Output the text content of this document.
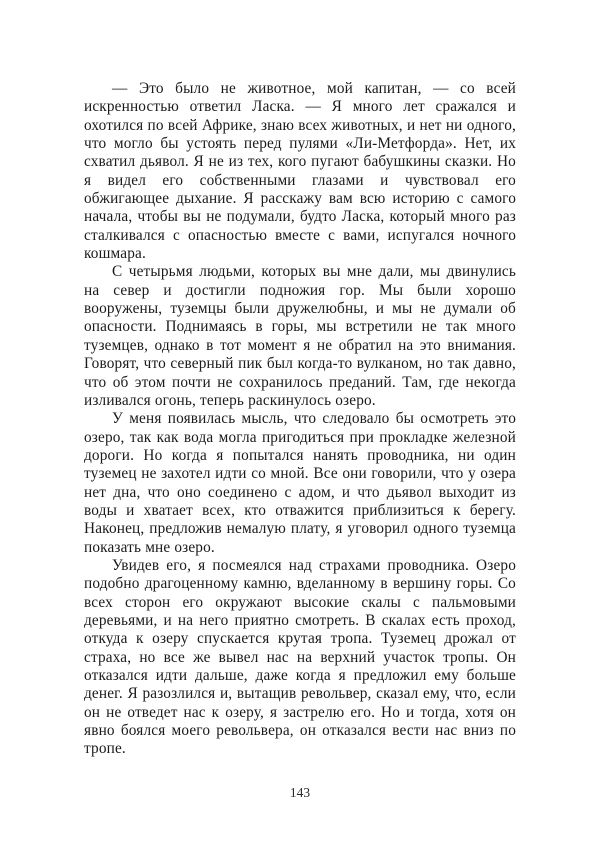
— Это было не животное, мой капитан, — со всей искренностью ответил Ласка. — Я много лет сражался и охотился по всей Африке, знаю всех животных, и нет ни одного, что могло бы устоять перед пулями «Ли-Метфорда». Нет, их схватил дьявол. Я не из тех, кого пугают бабушкины сказки. Но я видел его собственными глазами и чувствовал его обжигающее дыхание. Я расскажу вам всю историю с самого начала, чтобы вы не подумали, будто Ласка, который много раз сталкивался с опасностью вместе с вами, испугался ночного кошмара.

С четырьмя людьми, которых вы мне дали, мы двинулись на север и достигли подножия гор. Мы были хорошо вооружены, туземцы были дружелюбны, и мы не думали об опасности. Поднимаясь в горы, мы встретили не так много туземцев, однако в тот момент я не обратил на это внимания. Говорят, что северный пик был когда-то вулканом, но так давно, что об этом почти не сохранилось преданий. Там, где некогда изливался огонь, теперь раскинулось озеро.

У меня появилась мысль, что следовало бы осмотреть это озеро, так как вода могла пригодиться при прокладке железной дороги. Но когда я попытался нанять проводника, ни один туземец не захотел идти со мной. Все они говорили, что у озера нет дна, что оно соединено с адом, и что дьявол выходит из воды и хватает всех, кто отважится приблизиться к берегу. Наконец, предложив немалую плату, я уговорил одного туземца показать мне озеро.

Увидев его, я посмеялся над страхами проводника. Озеро подобно драгоценному камню, вделанному в вершину горы. Со всех сторон его окружают высокие скалы с пальмовыми деревьями, и на него приятно смотреть. В скалах есть проход, откуда к озеру спускается крутая тропа. Туземец дрожал от страха, но все же вывел нас на верхний участок тропы. Он отказался идти дальше, даже когда я предложил ему больше денег. Я разозлился и, вытащив револьвер, сказал ему, что, если он не отведет нас к озеру, я застрелю его. Но и тогда, хотя он явно боялся моего револьвера, он отказался вести нас вниз по тропе.

143
